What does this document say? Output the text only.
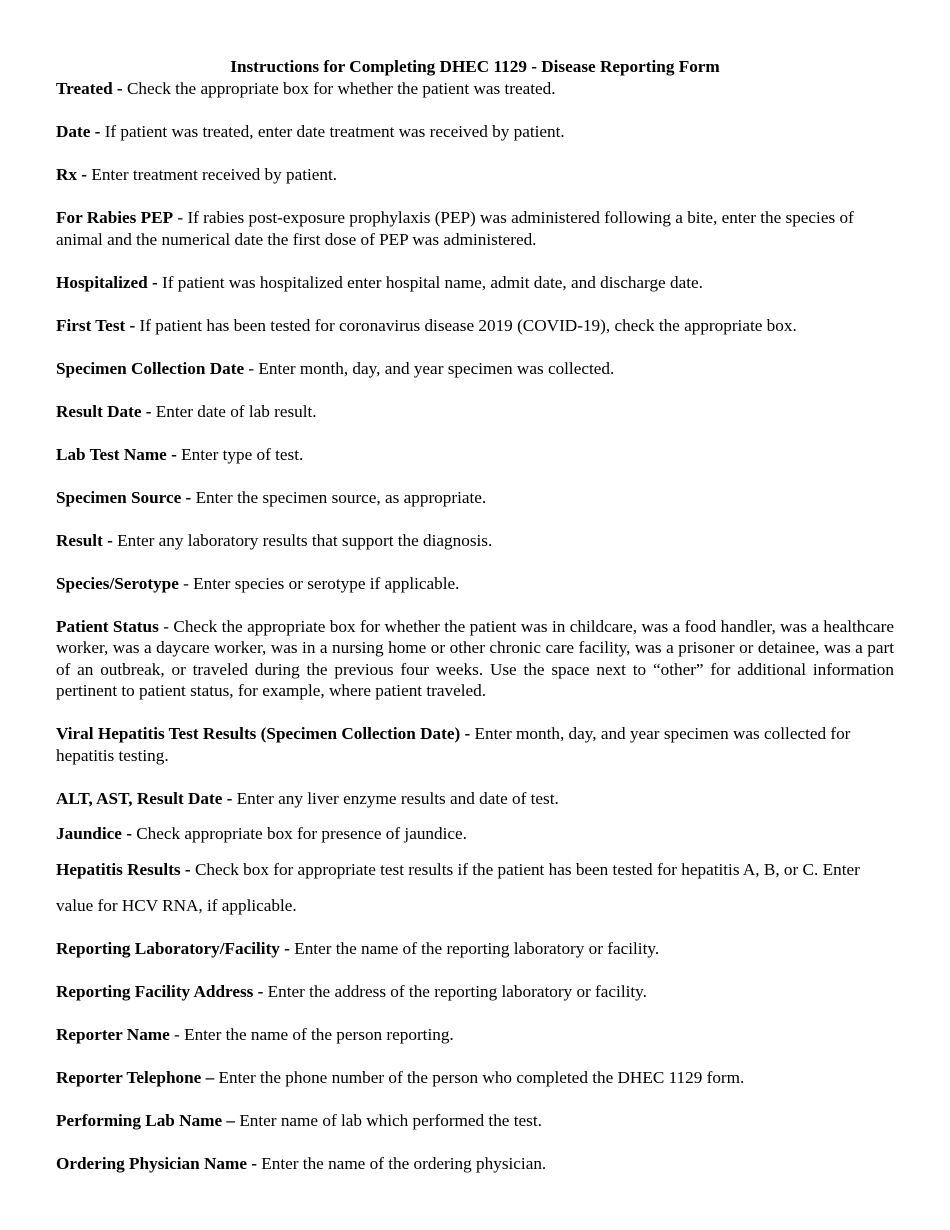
Instructions for Completing DHEC 1129 - Disease Reporting Form

Treated - Check the appropriate box for whether the patient was treated.

Date - If patient was treated, enter date treatment was received by patient.

Rx - Enter treatment received by patient.

For Rabies PEP - If rabies post-exposure prophylaxis (PEP) was administered following a bite, enter the species of animal and the numerical date the first dose of PEP was administered.

Hospitalized - If patient was hospitalized enter hospital name, admit date, and discharge date.

First Test - If patient has been tested for coronavirus disease 2019 (COVID-19), check the appropriate box.

Specimen Collection Date - Enter month, day, and year specimen was collected.

Result Date - Enter date of lab result.

Lab Test Name - Enter type of test.

Specimen Source - Enter the specimen source, as appropriate.

Result - Enter any laboratory results that support the diagnosis.

Species/Serotype - Enter species or serotype if applicable.

Patient Status - Check the appropriate box for whether the patient was in childcare, was a food handler, was a healthcare worker, was a daycare worker, was in a nursing home or other chronic care facility, was a prisoner or detainee, was a part of an outbreak, or traveled during the previous four weeks. Use the space next to “other” for additional information pertinent to patient status, for example, where patient traveled.

Viral Hepatitis Test Results (Specimen Collection Date) - Enter month, day, and year specimen was collected for hepatitis testing.

ALT, AST, Result Date - Enter any liver enzyme results and date of test.

Jaundice - Check appropriate box for presence of jaundice.

Hepatitis Results - Check box for appropriate test results if the patient has been tested for hepatitis A, B, or C. Enter value for HCV RNA, if applicable.

Reporting Laboratory/Facility - Enter the name of the reporting laboratory or facility.

Reporting Facility Address - Enter the address of the reporting laboratory or facility.

Reporter Name - Enter the name of the person reporting.

Reporter Telephone – Enter the phone number of the person who completed the DHEC 1129 form.

Performing Lab Name – Enter name of lab which performed the test.

Ordering Physician Name - Enter the name of the ordering physician.
